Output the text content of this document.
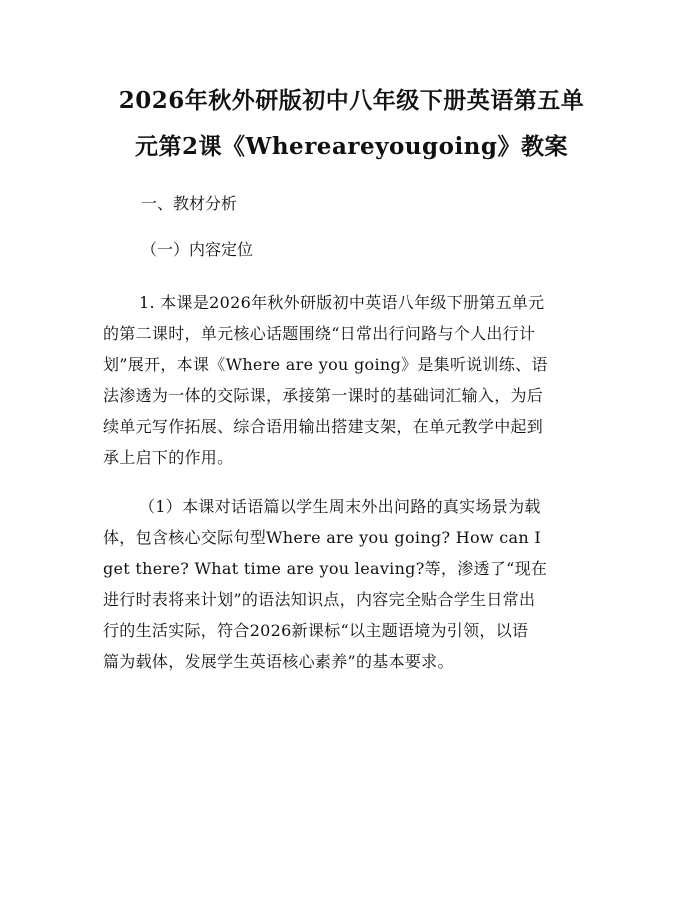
2026年秋外研版初中八年级下册英语第五单
元第2课《Whereareyougoing》教案

一、教材分析

（一）内容定位

1. 本课是2026年秋外研版初中英语八年级下册第五单元
的第二课时，单元核心话题围绕“日常出行问路与个人出行计
划”展开，本课《Where are you going》是集听说训练、语
法渗透为一体的交际课，承接第一课时的基础词汇输入，为后
续单元写作拓展、综合语用输出搭建支架，在单元教学中起到
承上启下的作用。
（1）本课对话语篇以学生周末外出问路的真实场景为载
体，包含核心交际句型Where are you going? How can I
get there? What time are you leaving?等，渗透了“现在
进行时表将来计划”的语法知识点，内容完全贴合学生日常出
行的生活实际，符合2026新课标“以主题语境为引领，以语
篇为载体，发展学生英语核心素养”的基本要求。
